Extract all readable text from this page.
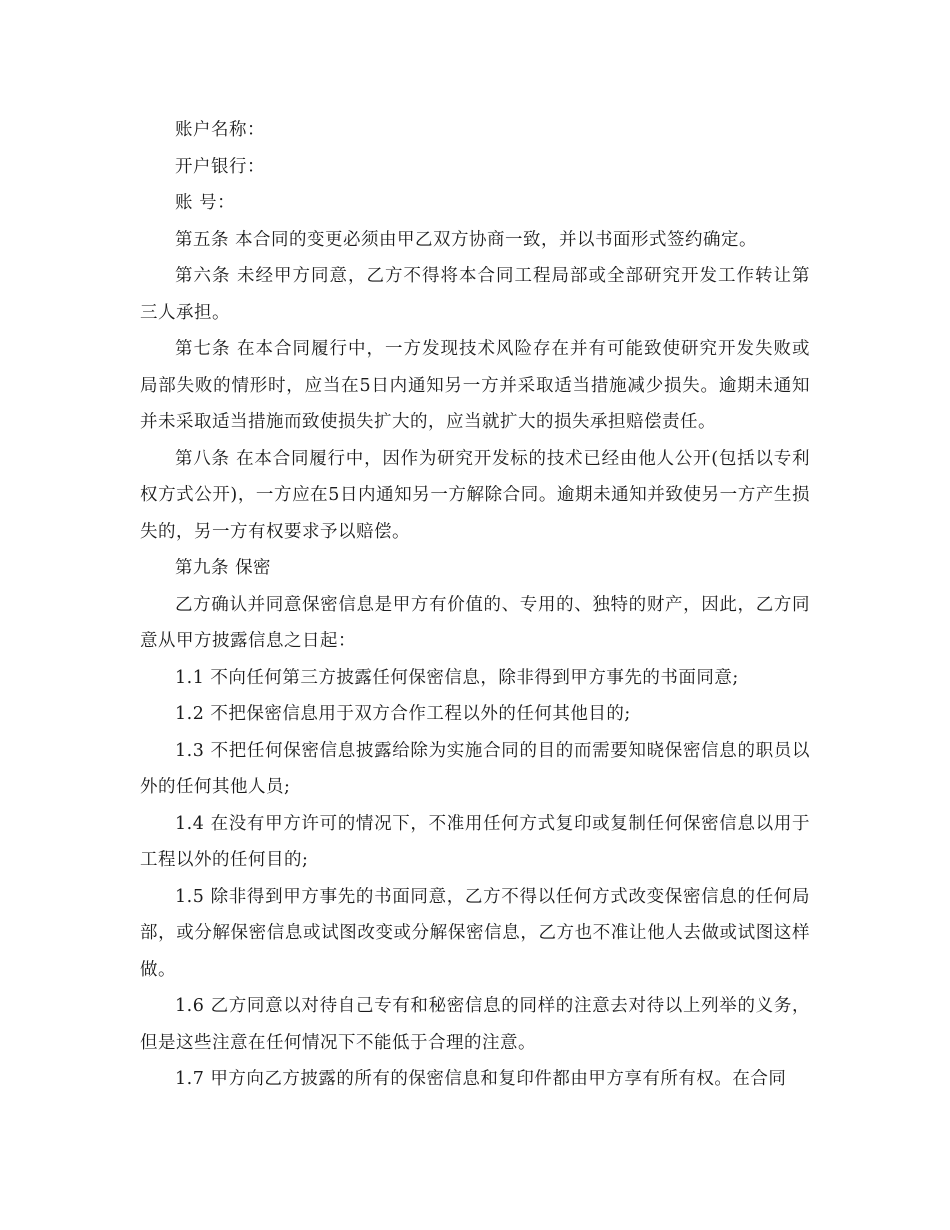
账户名称：

开户银行：

账 号：

第五条 本合同的变更必须由甲乙双方协商一致，并以书面形式签约确定。

第六条 未经甲方同意，乙方不得将本合同工程局部或全部研究开发工作转让第三人承担。

第七条 在本合同履行中，一方发现技术风险存在并有可能致使研究开发失败或局部失败的情形时，应当在5日内通知另一方并采取适当措施减少损失。逾期未通知并未采取适当措施而致使损失扩大的，应当就扩大的损失承担赔偿责任。

第八条 在本合同履行中，因作为研究开发标的技术已经由他人公开(包括以专利权方式公开)，一方应在5日内通知另一方解除合同。逾期未通知并致使另一方产生损失的，另一方有权要求予以赔偿。

第九条 保密

乙方确认并同意保密信息是甲方有价值的、专用的、独特的财产，因此，乙方同意从甲方披露信息之日起：

1.1 不向任何第三方披露任何保密信息，除非得到甲方事先的书面同意;

1.2 不把保密信息用于双方合作工程以外的任何其他目的;

1.3 不把任何保密信息披露给除为实施合同的目的而需要知晓保密信息的职员以外的任何其他人员;

1.4 在没有甲方许可的情况下，不准用任何方式复印或复制任何保密信息以用于工程以外的任何目的;

1.5 除非得到甲方事先的书面同意，乙方不得以任何方式改变保密信息的任何局部，或分解保密信息或试图改变或分解保密信息，乙方也不准让他人去做或试图这样做。

1.6 乙方同意以对待自己专有和秘密信息的同样的注意去对待以上列举的义务，但是这些注意在任何情况下不能低于合理的注意。

1.7 甲方向乙方披露的所有的保密信息和复印件都由甲方享有所有权。在合同
